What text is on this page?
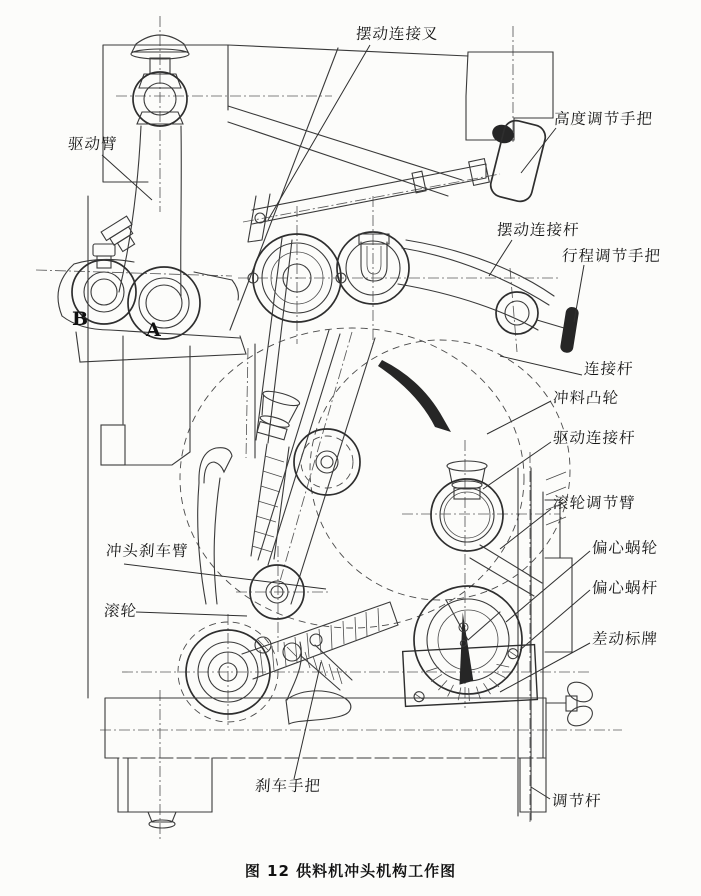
摆动连接叉
高度调节手把
驱动臂
摆动连接杆
行程调节手把
B	A
连接杆
冲料凸轮
驱动连接杆
滚轮调节臂
偏心蜗轮
偏心蜗杆
冲头刹车臂
滚轮
差动标牌
刹车手把
调节杆
图 12 供料机冲头机构工作图
